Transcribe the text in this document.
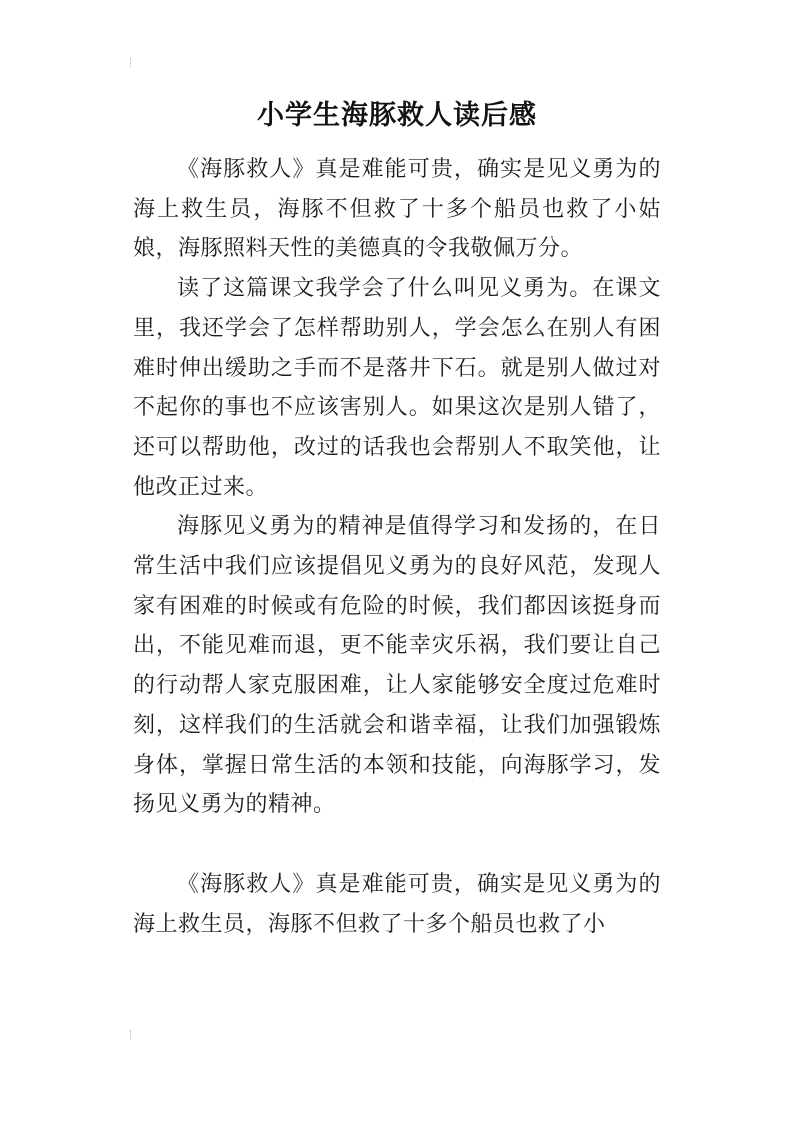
小学生海豚救人读后感

《海豚救人》真是难能可贵，确实是见义勇为的海上救生员，海豚不但救了十多个船员也救了小姑娘，海豚照料天性的美德真的令我敬佩万分。

读了这篇课文我学会了什么叫见义勇为。在课文里，我还学会了怎样帮助别人，学会怎么在别人有困难时伸出缓助之手而不是落井下石。就是别人做过对不起你的事也不应该害别人。如果这次是别人错了，还可以帮助他，改过的话我也会帮别人不取笑他，让他改正过来。

海豚见义勇为的精神是值得学习和发扬的，在日常生活中我们应该提倡见义勇为的良好风范，发现人家有困难的时候或有危险的时候，我们都因该挺身而出，不能见难而退，更不能幸灾乐祸，我们要让自己的行动帮人家克服困难，让人家能够安全度过危难时刻，这样我们的生活就会和谐幸福，让我们加强锻炼身体，掌握日常生活的本领和技能，向海豚学习，发扬见义勇为的精神。

《海豚救人》真是难能可贵，确实是见义勇为的海上救生员，海豚不但救了十多个船员也救了小
